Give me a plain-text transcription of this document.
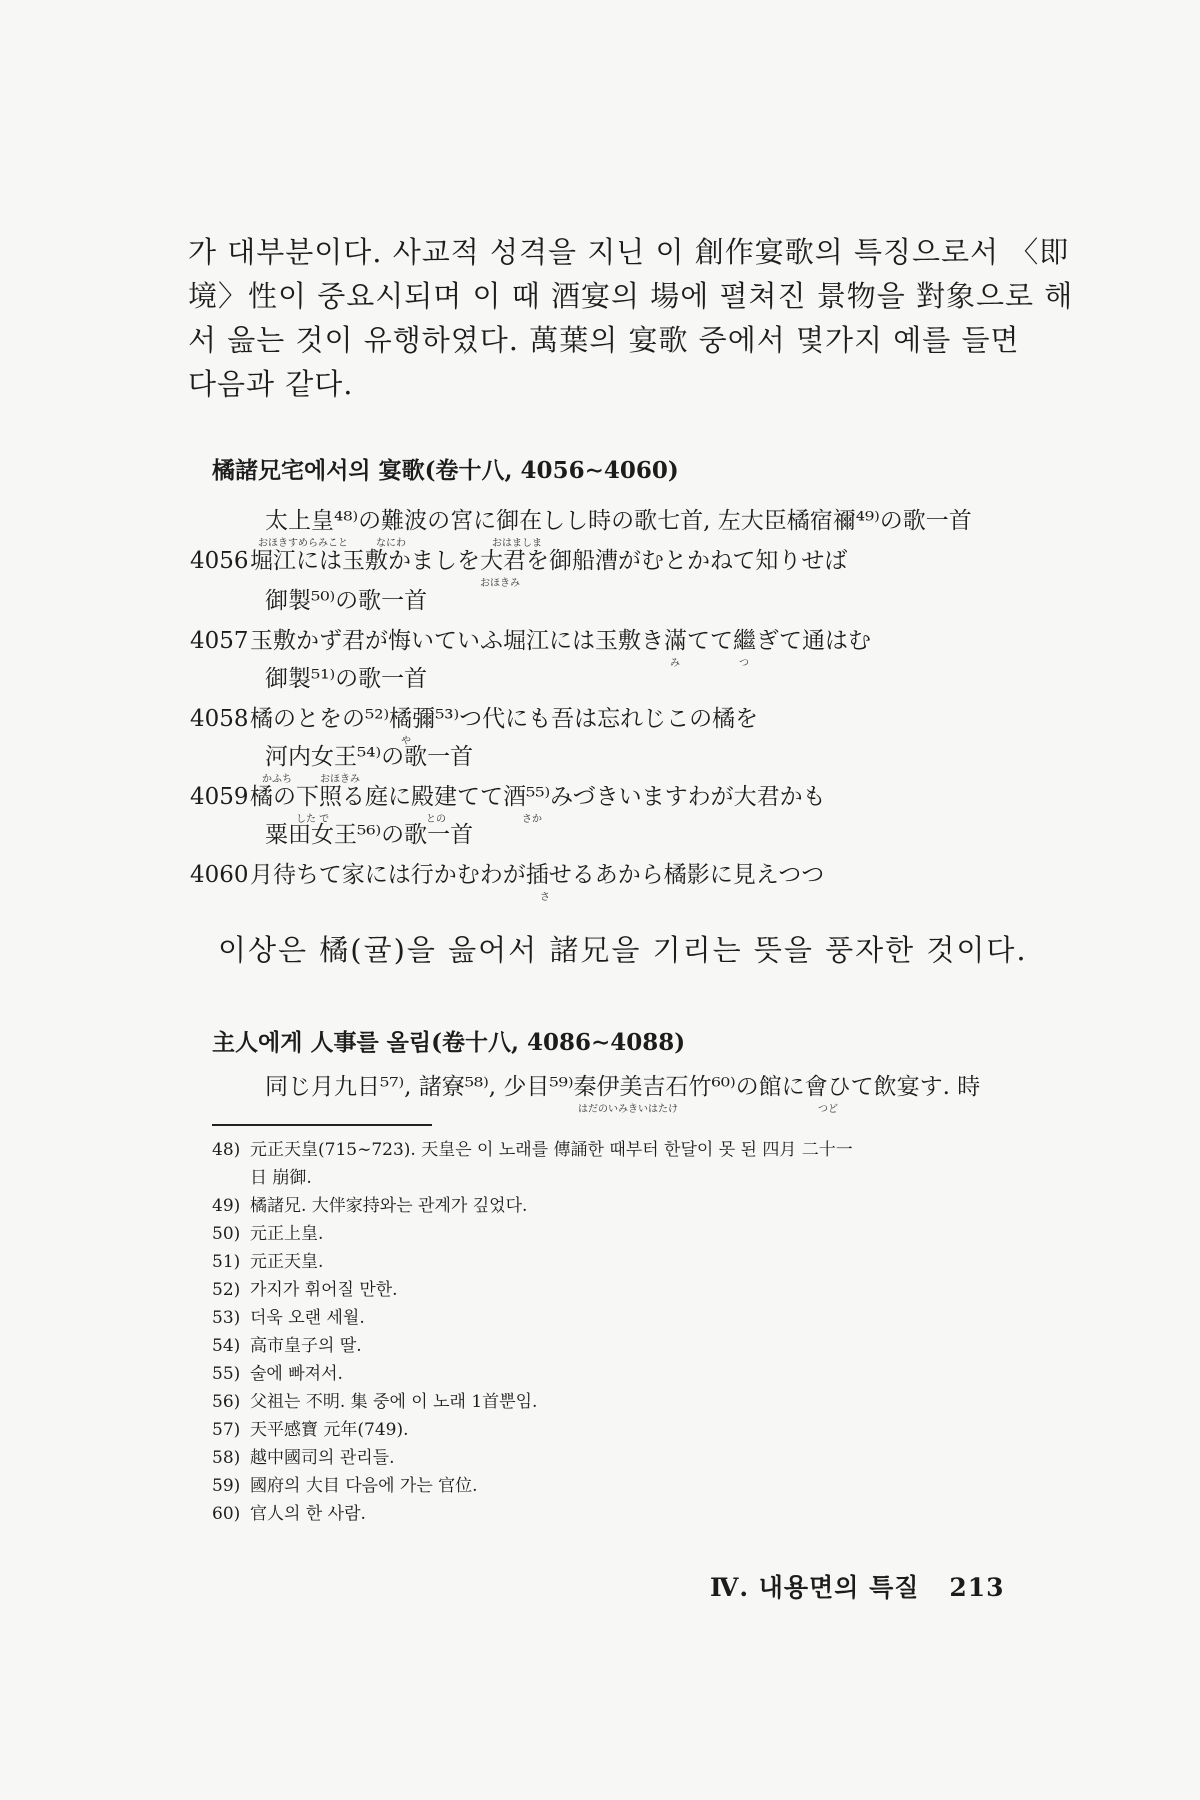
가 대부분이다. 사교적 성격을 지닌 이 創作宴歌의 특징으로서 〈即
境〉性이 중요시되며 이 때 酒宴의 場에 펼쳐진 景物을 對象으로 해
서 읊는 것이 유행하였다. 萬葉의 宴歌 중에서 몇가지 예를 들면
다음과 같다.
橘諸兄宅에서의 宴歌(卷十八, 4056∼4060)
太上皇⁴⁸⁾の難波の宮に御在しし時の歌七首, 左大臣橘宿禰⁴⁹⁾の歌一首
おほきすめらみこと	なにわ	おはましま
4056堀江には玉敷かましを大君を御船漕がむとかねて知りせば
おほきみ
御製⁵⁰⁾の歌一首
4057玉敷かず君が悔いていふ堀江には玉敷き滿てて繼ぎて通はむ
み	つ
御製⁵¹⁾の歌一首
4058橘のとをの⁵²⁾橘彌⁵³⁾つ代にも吾は忘れじこの橘を
や
河内女王⁵⁴⁾の歌一首
かふち	おほきみ
4059橘の下照る庭に殿建てて酒⁵⁵⁾みづきいますわが大君かも
した で	との	さか
粟田女王⁵⁶⁾の歌一首
4060月待ちて家には行かむわが插せるあから橘影に見えつつ
さ
이상은 橘(귤)을 읊어서 諸兄을 기리는 뜻을 풍자한 것이다.
主人에게 人事를 올림(卷十八, 4086∼4088)
同じ月九日⁵⁷⁾, 諸寮⁵⁸⁾, 少目⁵⁹⁾秦伊美吉石竹⁶⁰⁾の館に會ひて飲宴す. 時
はだのいみきいはたけ	つど
48) 元正天皇(715∼723). 天皇은 이 노래를 傳誦한 때부터 한달이 못 된 四月 二十一
日 崩御.
49) 橘諸兄. 大伴家持와는 관계가 깊었다.
50) 元正上皇.
51) 元正天皇.
52) 가지가 휘어질 만한.
53) 더욱 오랜 세월.
54) 高市皇子의 딸.
55) 술에 빠져서.
56) 父祖는 不明. 集 중에 이 노래 1首뿐임.
57) 天平感寶 元年(749).
58) 越中國司의 관리들.
59) 國府의 大目 다음에 가는 官位.
60) 官人의 한 사람.
Ⅳ. 내용면의 특질 213
